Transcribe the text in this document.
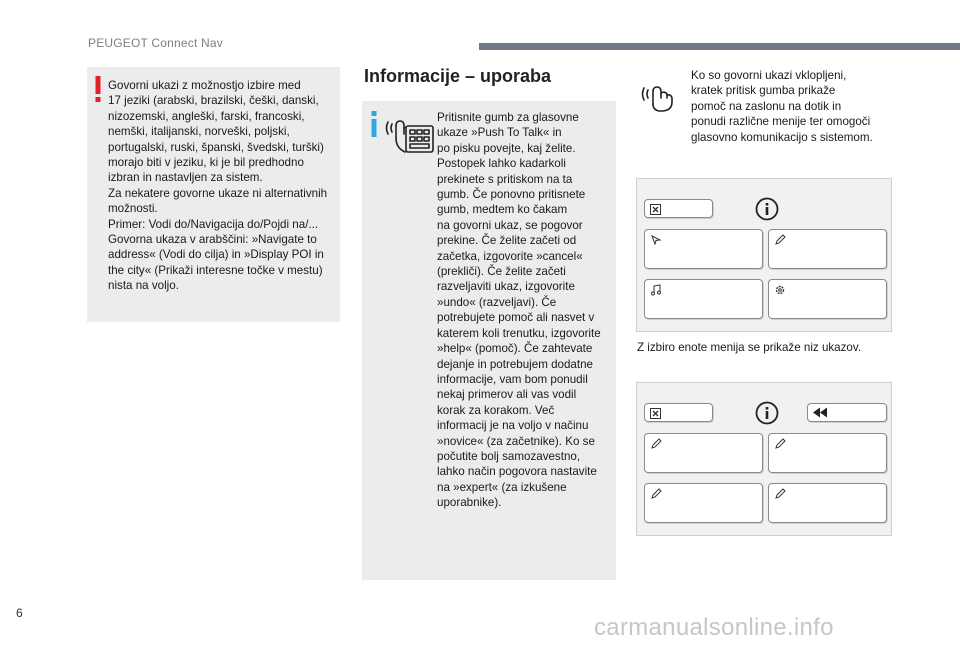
PEUGEOT Connect Nav
Govorni ukazi z možnostjo izbire med
17 jeziki (arabski, brazilski, češki, danski,
nizozemski, angleški, farski, francoski,
nemški, italijanski, norveški, poljski,
portugalski, ruski, španski, švedski, turški)
morajo biti v jeziku, ki je bil predhodno
izbran in nastavljen za sistem.
Za nekatere govorne ukaze ni alternativnih
možnosti.
Primer: Vodi do/Navigacija do/Pojdi na/...
Govorna ukaza v arabščini: »Navigate to
address« (Vodi do cilja) in »Display POI in
the city« (Prikaži interesne točke v mestu)
nista na voljo.
Informacije – uporaba
Pritisnite gumb za glasovne
ukaze »Push To Talk« in
po pisku povejte, kaj želite.
Postopek lahko kadarkoli
prekinete s pritiskom na ta
gumb. Če ponovno pritisnete
gumb, medtem ko čakam
na govorni ukaz, se pogovor
prekine. Če želite začeti od
začetka, izgovorite »cancel«
(prekliči). Če želite začeti
razveljaviti ukaz, izgovorite
»undo« (razveljavi). Če
potrebujete pomoč ali nasvet v
katerem koli trenutku, izgovorite
»help« (pomoč). Če zahtevate
dejanje in potrebujem dodatne
informacije, vam bom ponudil
nekaj primerov ali vas vodil
korak za korakom. Več
informacij je na voljo v načinu
»novice« (za začetnike). Ko se
počutite bolj samozavestno,
lahko način pogovora nastavite
na »expert« (za izkušene
uporabnike).
Ko so govorni ukazi vklopljeni,
kratek pritisk gumba prikaže
pomoč na zaslonu na dotik in
ponudi različne menije ter omogoči
glasovno komunikacijo s sistemom.
Z izbiro enote menija se prikaže niz ukazov.
6
carmanualsonline.info
